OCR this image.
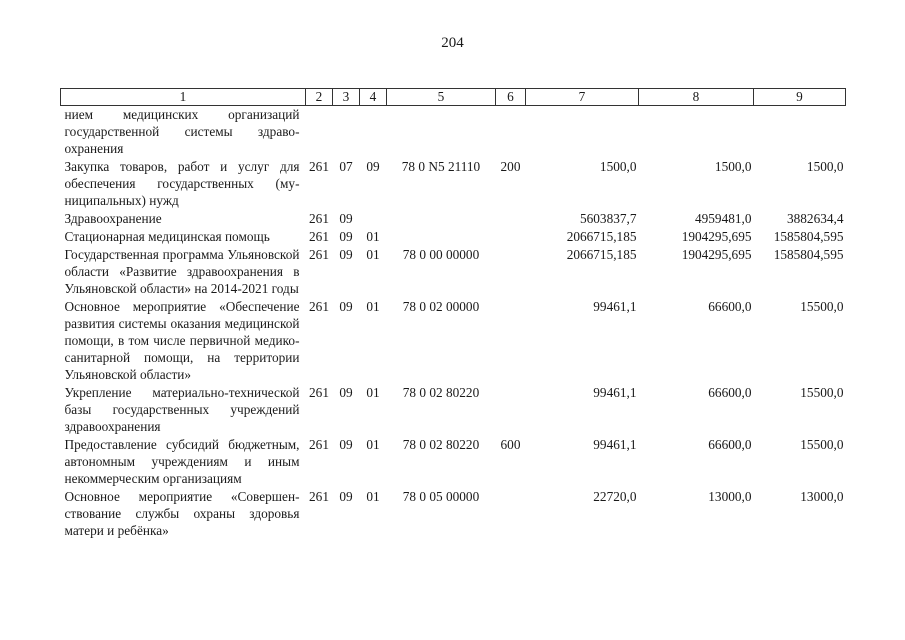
204
1	2	3	4	5	6	7	8	9
нием медицинских организаций государственной системы здравоохранения								
Закупка товаров, работ и услуг для обеспечения государственных (муниципальных) нужд	261	07	09	78 0 N5 21110	200	1500,0	1500,0	1500,0
Здравоохранение	261	09				5603837,7	4959481,0	3882634,4
Стационарная медицинская помощь	261	09	01			2066715,185	1904295,695	1585804,595
Государственная программа Ульяновской области «Развитие здравоохранения в Ульяновской области» на 2014-2021 годы	261	09	01	78 0 00 00000		2066715,185	1904295,695	1585804,595
Основное мероприятие «Обеспечение развития системы оказания медицинской помощи, в том числе первичной медико-санитарной помощи, на территории Ульяновской области»	261	09	01	78 0 02 00000		99461,1	66600,0	15500,0
Укрепление материально-технической базы государственных учреждений здравоохранения	261	09	01	78 0 02 80220		99461,1	66600,0	15500,0
Предоставление субсидий бюджетным, автономным учреждениям и иным некоммерческим организациям	261	09	01	78 0 02 80220	600	99461,1	66600,0	15500,0
Основное мероприятие «Совершенствование службы охраны здоровья матери и ребёнка»	261	09	01	78 0 05 00000		22720,0	13000,0	13000,0
